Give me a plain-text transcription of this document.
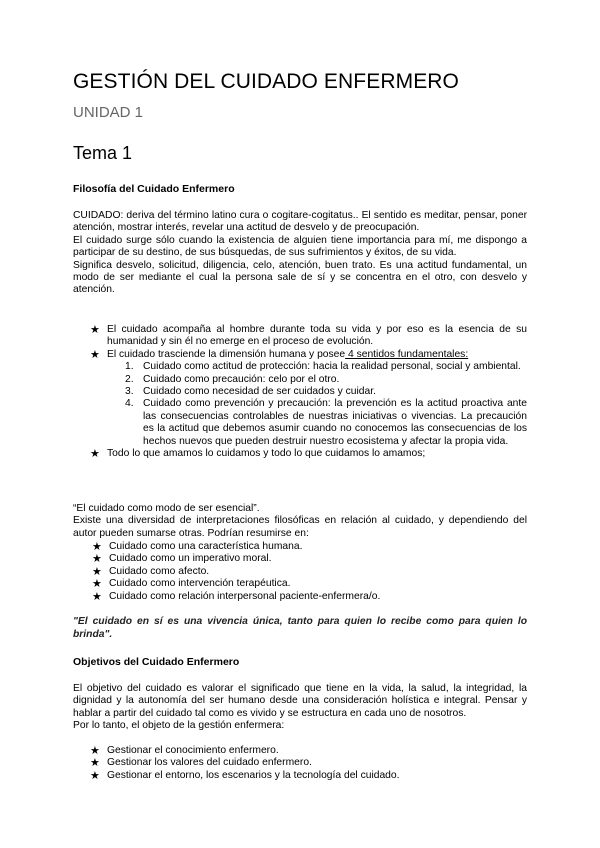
GESTIÓN DEL CUIDADO ENFERMERO
UNIDAD 1
Tema 1
Filosofía del Cuidado Enfermero

CUIDADO: deriva del término latino cura o cogitare-cogitatus.. El sentido es meditar, pensar, poner atención, mostrar interés, revelar una actitud de desvelo y de preocupación.

El cuidado surge sólo cuando la existencia de alguien tiene importancia para mí, me dispongo a participar de su destino, de sus búsquedas, de sus sufrimientos y éxitos, de su vida.

Significa desvelo, solicitud, diligencia, celo, atención, buen trato. Es una actitud fundamental, un modo de ser mediante el cual la persona sale de sí y se concentra en el otro, con desvelo y atención.

★ El cuidado acompaña al hombre durante toda su vida y por eso es la esencia de su humanidad y sin él no emerge en el proceso de evolución.
★ El cuidado trasciende la dimensión humana y posee 4 sentidos fundamentales:
1. Cuidado como actitud de protección: hacia la realidad personal, social y ambiental.
2. Cuidado como precaución: celo por el otro.
3. Cuidado como necesidad de ser cuidados y cuidar.
4. Cuidado como prevención y precaución: la prevención es la actitud proactiva ante las consecuencias controlables de nuestras iniciativas o vivencias. La precaución es la actitud que debemos asumir cuando no conocemos las consecuencias de los hechos nuevos que pueden destruir nuestro ecosistema y afectar la propia vida.
★ Todo lo que amamos lo cuidamos y todo lo que cuidamos lo amamos;

“El cuidado como modo de ser esencial”.

Existe una diversidad de interpretaciones filosóficas en relación al cuidado, y dependiendo del autor pueden sumarse otras. Podrían resumirse en:

★ Cuidado como una característica humana.
★ Cuidado como un imperativo moral.
★ Cuidado como afecto.
★ Cuidado como intervención terapéutica.
★ Cuidado como relación interpersonal paciente-enfermera/o.

"El cuidado en sí es una vivencia única, tanto para quien lo recibe como para quien lo brinda".

Objetivos del Cuidado Enfermero

El objetivo del cuidado es valorar el significado que tiene en la vida, la salud, la integridad, la dignidad y la autonomía del ser humano desde una consideración holística e integral. Pensar y hablar a partir del cuidado tal como es vivido y se estructura en cada uno de nosotros.

Por lo tanto, el objeto de la gestión enfermera:

★ Gestionar el conocimiento enfermero.
★ Gestionar los valores del cuidado enfermero.
★ Gestionar el entorno, los escenarios y la tecnología del cuidado.
